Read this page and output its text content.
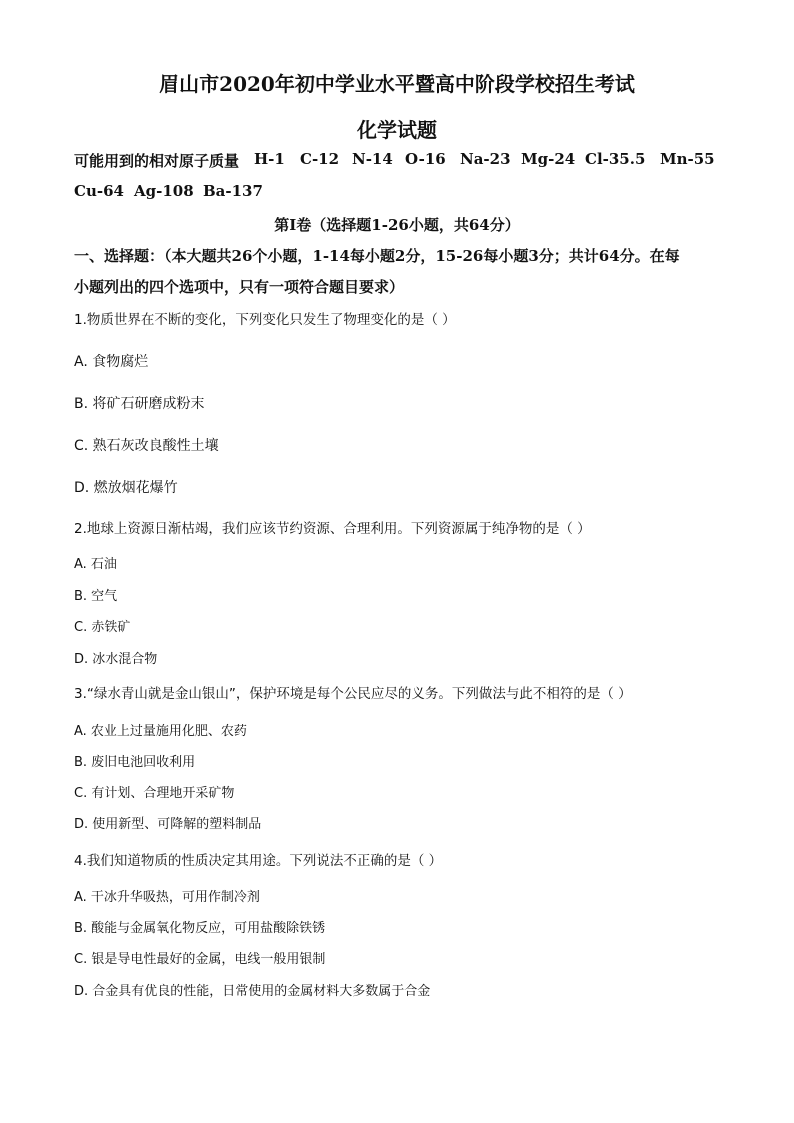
眉山市2020年初中学业水平暨高中阶段学校招生考试
化学试题
可能用到的相对原子质量 H-1 C-12 N-14 O-16 Na-23 Mg-24 Cl-35.5 Mn-55
Cu-64 Ag-108 Ba-137
第Ⅰ卷（选择题1-26小题，共64分）
一、选择题：（本大题共26个小题，1-14每小题2分，15-26每小题3分；共计64分。在每
小题列出的四个选项中，只有一项符合题目要求）
1.物质世界在不断的变化，下列变化只发生了物理变化的是（ ）
A. 食物腐烂
B. 将矿石研磨成粉末
C. 熟石灰改良酸性土壤
D. 燃放烟花爆竹
2.地球上资源日渐枯竭，我们应该节约资源、合理利用。下列资源属于纯净物的是（ ）
A. 石油
B. 空气
C. 赤铁矿
D. 冰水混合物
3.“绿水青山就是金山银山”，保护环境是每个公民应尽的义务。下列做法与此不相符的是（ ）
A. 农业上过量施用化肥、农药
B. 废旧电池回收利用
C. 有计划、合理地开采矿物
D. 使用新型、可降解的塑料制品
4.我们知道物质的性质决定其用途。下列说法不正确的是（ ）
A. 干冰升华吸热，可用作制冷剂
B. 酸能与金属氧化物反应，可用盐酸除铁锈
C. 银是导电性最好的金属，电线一般用银制
D. 合金具有优良的性能，日常使用的金属材料大多数属于合金
